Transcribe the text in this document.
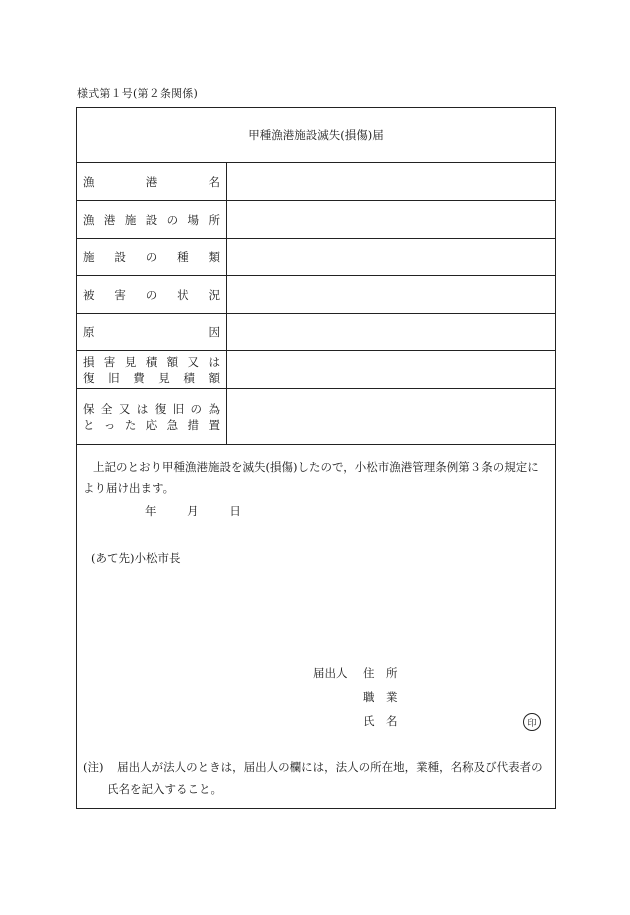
様式第１号(第２条関係)
甲種漁港施設滅失(損傷)届
漁	港	名
漁 港 施 設 の 場 所
施 設 の 種 類
被 害 の 状 況
原	因
損 害 見 積 額 又 は
復 旧 費 見 積 額
保 全 又 は 復 旧 の 為
と っ た 応 急 措 置
上記のとおり甲種漁港施設を滅失(損傷)したので，小松市漁港管理条例第３条の規定により届け出ます。
年	月	日
(あて先)小松市長
届出人 住　所
職　業
氏　名	印
(注) 届出人が法人のときは，届出人の欄には，法人の所在地，業種，名称及び代表者の
氏名を記入すること。
